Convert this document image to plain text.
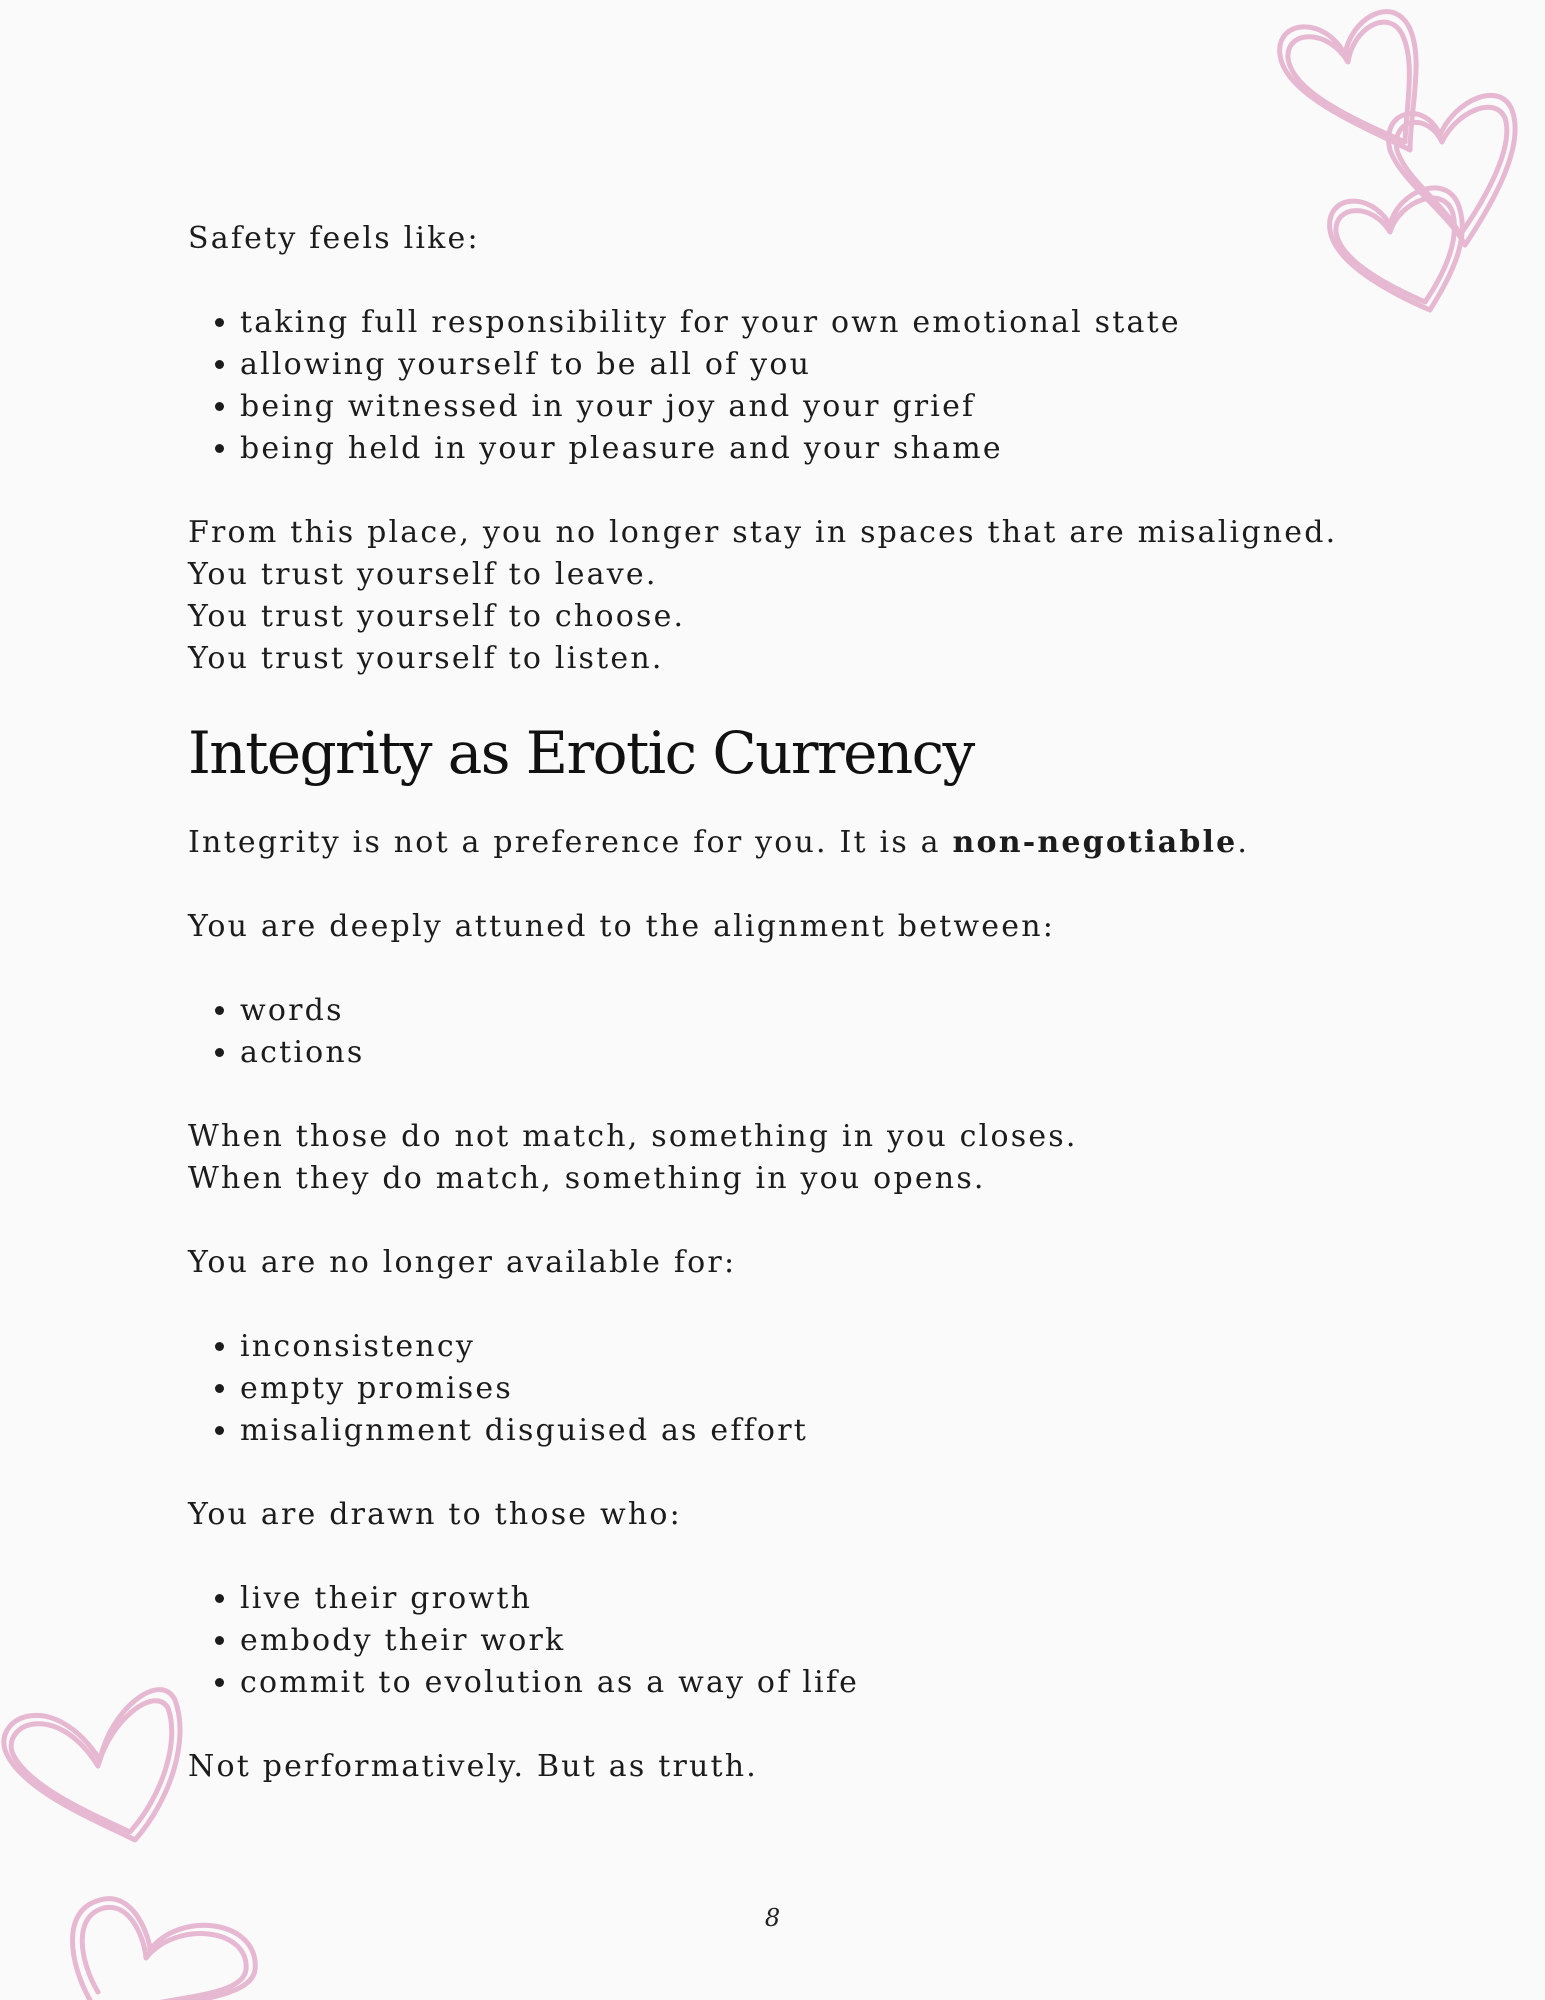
Safety feels like:

• taking full responsibility for your own emotional state
• allowing yourself to be all of you
• being witnessed in your joy and your grief
• being held in your pleasure and your shame

From this place, you no longer stay in spaces that are misaligned.

You trust yourself to leave.

You trust yourself to choose.

You trust yourself to listen.

Integrity as Erotic Currency

Integrity is not a preference for you. It is a non-negotiable.

You are deeply attuned to the alignment between:

• words
• actions

When those do not match, something in you closes.

When they do match, something in you opens.

You are no longer available for:

• inconsistency
• empty promises
• misalignment disguised as effort

You are drawn to those who:

• live their growth
• embody their work
• commit to evolution as a way of life

Not performatively. But as truth.

8
